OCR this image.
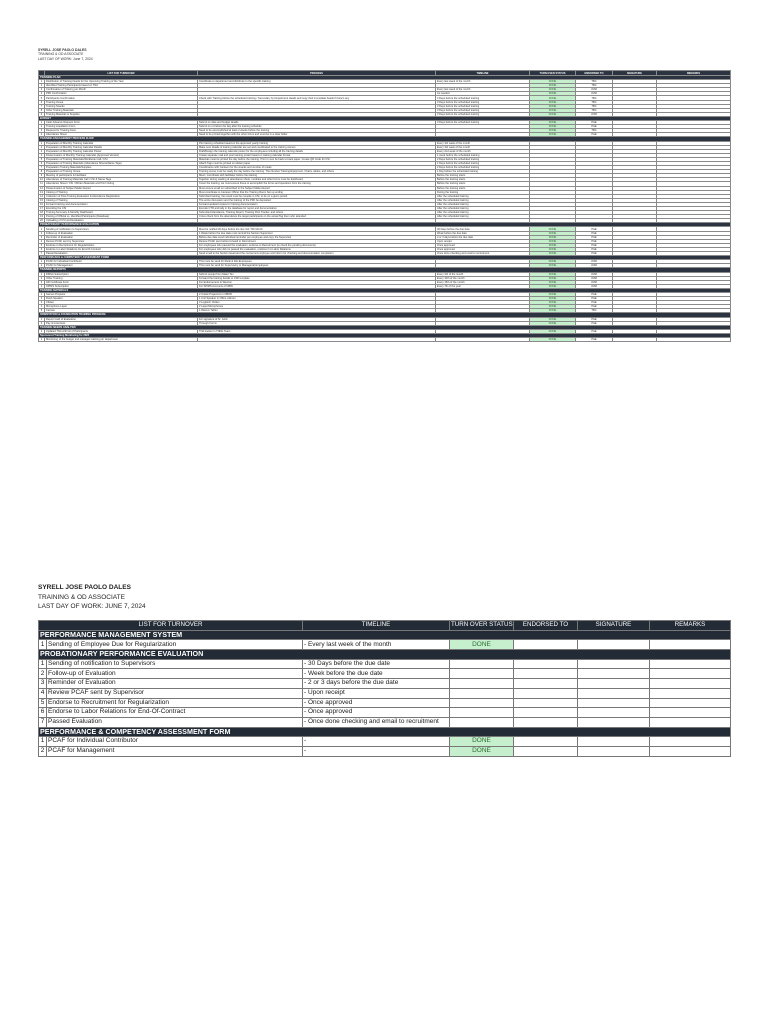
SYRELL JOSE PAOLO DALES
TRAINING & OD ASSOCIATE
LAST DAY OF WORK: June 7, 2024
	LIST FOR TURNOVER	PROCESS	TIMELINE	TURN OVER STATUS	ENDORSED TO	SIGNATURE	REMARKS
TRAINING PLAN							
1	Distribution of Training Needs for the Upcoming Training of the Year	Coordinate to department and distribute to the specific training	Every last week of the month	DONE	TBC		
2	Identified Training Participants based on TNA			DONE	TBC		
3	Confirmation of Training per Month		Every last week of the month	DONE	JUMI		
4	PRF Confirmation		As needed	DONE	JUMI		
5	Participants Confirmation	Check with Training before the scheduled training / Secondary by Department Heads and copy their immediate heads if there's any	3 Days before the scheduled training	DONE	TBC		
6	Training Venue		3 Days before the scheduled training	DONE	TBC		
7	Training Snacks		3 Days before the scheduled training	DONE	TBC		
8	Other Training Materials		3 Days before the scheduled training	DONE	TBC		
9	Training Materials & Supplies		3 Days before the scheduled training	DONE	JUMI		
BUDGET							
1	Cash Advance Request Form	Submit on date and budget details	3 Days before the scheduled training	DONE	P&E		
2	Training Liquidation Form	Submit on or before the day after the training schedule		DONE	P&E		
3	Request for Training Fees	Need to be accomplished at least 2 weeks before the training		DONE	TBC		
4	Attendance Sheet	Need to be printed together with the other forms and must be in a clear folder		DONE	P&E		
TRAINING ENGAGEMENT PROCESS FLOW							
1	Preparation of Monthly Training Calendar	Plot training schedule based on the approved yearly training	Every 3rd week of the month				
2	Preparation of Monthly Training Calendar Details	Make sure details of training calendar are set and coordinated to the training owners	Every 3rd week of the month				
3	Preparation of Monthly Training Calendar Poster	Draft/Design the training calendar poster for the employees including all the training details	Every 2nd week of the month				
4	Dissemination of Monthly Training Calendar (Approved Version)	Create separate mail and post training poster based on training calendar format	1 week before the scheduled training				
5	Preparation of Training Materials/Workbook Call / CSI	Materials must be printed the day before the training. Print it must be back to back paper. Create QR Code for CSI	2 Days before the scheduled training				
6	Preparation of Training Materials (Attendance Sheets/Name Tags)	Attach Tags must be printed on sticker paper	1 Days before the scheduled training				
7	Preparation Training Materials/Supplies	Coordination with Canteen for the snacks and number of meals	2 Days before the scheduled training				
8	Preparation of Training Venue	Training venue must be ready the day before the training. The Number Training Equipment, Chairs, tables, and others	1 Day before the scheduled training				
9	Meeting of participants & Facilitator	Meet / coordinate with facilitator before the training	Before the training starts				
10	Attendance of Training Materials Call / CSI & Name Tags	Together during reading of attendance sheet, modules and other forms must be distributed	Before the training starts				
11	Attendance Sheet / CSI / Written Materials and Print Outing	Cover the training, we must ensure these to accomplish the forms and questions from the training	Before the training starts				
12	Dissemination of Subject Matter Expert	Must ensure email on subscribed to the Subject Matter Expert	Before the training starts				
13	Closing of Training	Must coordinate to Canteen Officer that the Training Room Set up ending	During the training				
14	Collection of Post-Training Evaluation & Attendance Registration	Submitted training, the result must be compile in CSI, to be on a given period	After the scheduled training				
15	Closing of Training	The entire discussion and the training of the PDF be deposited	After the scheduled training				
16	Forward training and documentation	Forward updated copies for training documentation	After the scheduled training				
17	Encoding the CSI	Encode CTR and tally in the database for report and documentation	After the scheduled training				
18	Training Summary & Monthly Dashboard	Submitted Attendance, Training Report, Training Post Tracker, and others	After the scheduled training				
19	Posting of Official vs. Identified Participants (Database)	Cross check from the attendance the target participants on the actual Tag them who attended	After the scheduled training				
20	Uploading of CSI and Evaluation						
PROBATIONARY PERFORMANCE EVALUATION							
1	Sending of notification to Supervisors	Must be notified 30 days before the due 3rd / 5th Month	30 Days before the due date	DONE	P&E		
2	Follow-up of Evaluation	1 Week before the due date must remind the Section Supervisor	Week before the due date	DONE	P&E		
3	Reminder of Evaluation	Before due date send individual reminder per employee and copy the Supervisor	2 or 3 days before the due date	DONE	P&E		
4	Review PCAF sent by Supervisor	Review PCAF sent before forward to Recruitment	Upon receipt	DONE	P&E		
5	Endorse to Recruitment for Regularization	For employees who passed the evaluation, endorse to Recruitment (to check the pending documents)	Once approved	DONE	P&E		
6	Endorse to Labor Relations for End-Of-Contract	For employees who did not passed the evaluation, endorse it to Labor Relations	Once approved	DONE	P&E		
7	Passed Evaluation	Send email to the Section Head and the concerned employee and inform for checking and documentation completion	Once done checking and email to recruitment	DONE	P&E		
PERFORMANCE & COMPETENCY ASSESSMENT FORM							
1	PCAF for Individual Contributor	This must be send for Rank & File Employees		DONE	JUMI		
2	PCAF for Management	This must be send for Supervisory to Managerial Employees		DONE	JUMI		
TRAINING REPORTS							
1	DMGA Subscription	Submit receipt from Mater Tec	Every 3rd of the month	DONE	JUMI		
2	Other Training	Forward the training details to CWI template	Every 10th of the month	DONE	JUMI		
3	HR Certificate Form	For Endorsement to Wescon	Every 15th of the month	DONE	JUMI		
4	SPIMS Subscription	For SPIMS Accounts of NIBN	Every 7th of the year	DONE	JUMI		
TRAINING MATERIALS							
1	Games Projector	2 Unitek Projectors in OBOD		DONE	P&E		
2	Flash Speaker	1 Unit Speaker in Office cabinet		DONE	P&E		
3	Clicker	3 Logitech Clicker		DONE	P&E		
4	Microphone Lapel	2 Lapel Microphones		DONE	P&E		
5	Canvas	1 Wacom Tablet		DONE	TBC		
ORIENTATION & FOUNDATION TRAINING PROGRAM							
1	Report Card of Evaluation	For signature of Sr. Gold		DONE	P&E		
2	Pay & Incentives	Through Forms		DONE	P&E		
TRAINING NEEDS ANALYSIS							
1	Updated TNA with list of Participants	TNA tracker in TNDH Team		DONE	P&E		
Sponsored Training Monitoring for 2024							
1	Monitoring of the budget and manages training per department			DONE	P&E		
SYRELL JOSE PAOLO DALES
TRAINING & OD ASSOCIATE
LAST DAY OF WORK: JUNE 7, 2024
LIST FOR TURNOVER		TIMELINE	TURN OVER STATUS	ENDORSED TO	SIGNATURE	REMARKS
PERFORMANCE MANAGEMENT SYSTEM						
1	Sending of Employee Due for Regularization	- Every last week of the month	DONE			
PROBATIONARY PERFORMANCE EVALUATION						
1	Sending of notification to Supervisors	- 30 Days before the due date				
2	Follow-up of Evaluation	- Week before the due date				
3	Reminder of Evaluation	- 2 or 3 days before the due date				
4	Review PCAF sent by Supervisor	- Upon receipt				
5	Endorse to Recruitment for Regularization	- Once approved				
6	Endorse to Labor Relations for End-Of-Contract	- Once approved				
7	Passed Evaluation	- Once done checking and email to recruitment				
PERFORMANCE & COMPETENCY ASSESSMENT FORM						
1	PCAF for Individual Contributor	-	DONE			
2	PCAF for Management	-	DONE			
